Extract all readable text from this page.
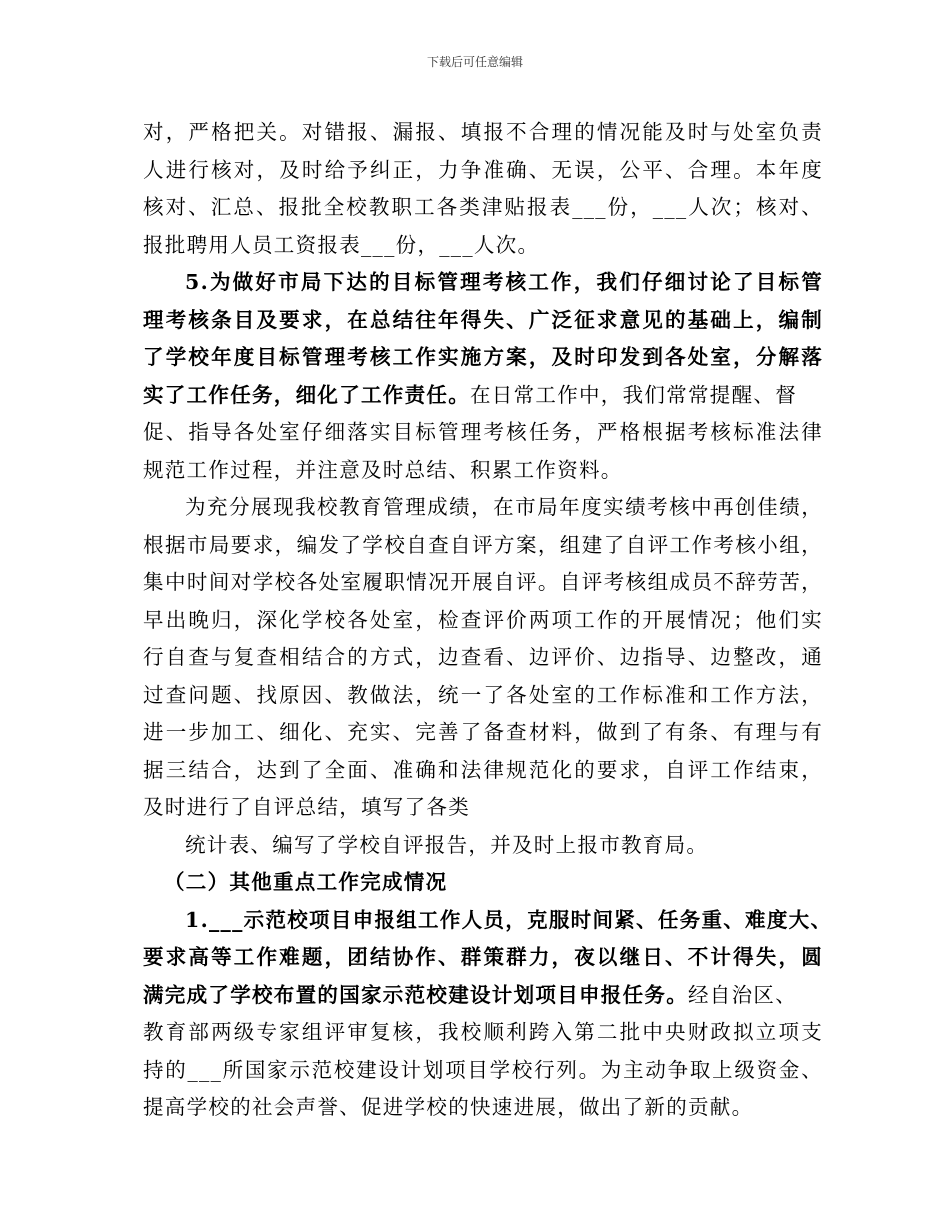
下载后可任意编辑
对，严格把关。对错报、漏报、填报不合理的情况能及时与处室负责
人进行核对，及时给予纠正，力争准确、无误，公平、合理。本年度
核对、汇总、报批全校教职工各类津贴报表___份，___人次；核对、
报批聘用人员工资报表___份，___人次。
5.为做好市局下达的目标管理考核工作，我们仔细讨论了目标管
理考核条目及要求，在总结往年得失、广泛征求意见的基础上，编制
了学校年度目标管理考核工作实施方案，及时印发到各处室，分解落
实了工作任务，细化了工作责任。在日常工作中，我们常常提醒、督
促、指导各处室仔细落实目标管理考核任务，严格根据考核标准法律
规范工作过程，并注意及时总结、积累工作资料。
为充分展现我校教育管理成绩，在市局年度实绩考核中再创佳绩，
根据市局要求，编发了学校自查自评方案，组建了自评工作考核小组，
集中时间对学校各处室履职情况开展自评。自评考核组成员不辞劳苦，
早出晚归，深化学校各处室，检查评价两项工作的开展情况；他们实
行自查与复查相结合的方式，边查看、边评价、边指导、边整改，通
过查问题、找原因、教做法，统一了各处室的工作标准和工作方法，
进一步加工、细化、充实、完善了备查材料，做到了有条、有理与有
据三结合，达到了全面、准确和法律规范化的要求，自评工作结束，
及时进行了自评总结，填写了各类
统计表、编写了学校自评报告，并及时上报市教育局。
（二）其他重点工作完成情况
1.___示范校项目申报组工作人员，克服时间紧、任务重、难度大、
要求高等工作难题，团结协作、群策群力，夜以继日、不计得失，圆
满完成了学校布置的国家示范校建设计划项目申报任务。经自治区、
教育部两级专家组评审复核，我校顺利跨入第二批中央财政拟立项支
持的___所国家示范校建设计划项目学校行列。为主动争取上级资金、
提高学校的社会声誉、促进学校的快速进展，做出了新的贡献。
